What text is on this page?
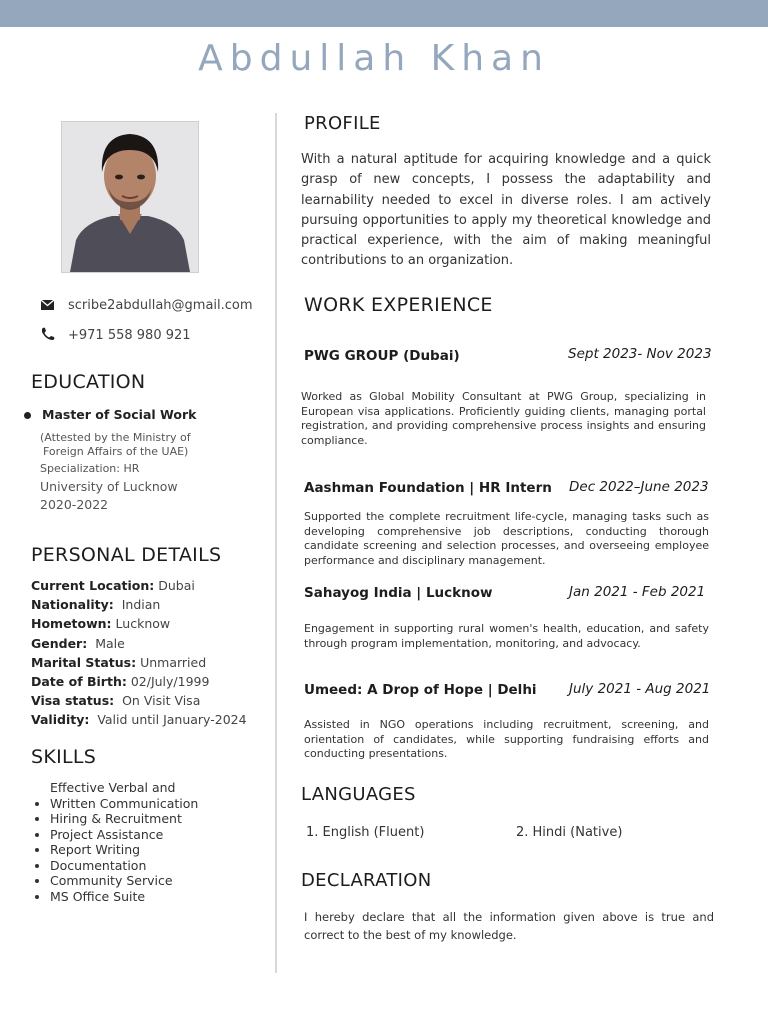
Abdullah Khan
scribe2abdullah@gmail.com
+971 558 980 921
EDUCATION
Master of Social Work
(Attested by the Ministry of
Foreign Affairs of the UAE)
Specialization: HR
University of Lucknow
2020-2022
PERSONAL DETAILS
Current Location: Dubai
Nationality: Indian
Hometown: Lucknow
Gender: Male
Marital Status: Unmarried
Date of Birth: 02/July/1999
Visa status: On Visit Visa
Validity: Valid until January-2024
SKILLS
• Effective Verbal and Written Communication
• Hiring & Recruitment
• Project Assistance
• Report Writing
• Documentation
• Community Service
• MS Office Suite
PROFILE
With a natural aptitude for acquiring knowledge and a quick grasp of new concepts, I possess the adaptability and learnability needed to excel in diverse roles. I am actively pursuing opportunities to apply my theoretical knowledge and practical experience, with the aim of making meaningful contributions to an organization.
WORK EXPERIENCE
PWG GROUP (Dubai)	Sept 2023- Nov 2023
Worked as Global Mobility Consultant at PWG Group, specializing in European visa applications. Proficiently guiding clients, managing portal registration, and providing comprehensive process insights and ensuring compliance.
Aashman Foundation | HR Intern Dec 2022–June 2023
Supported the complete recruitment life-cycle, managing tasks such as developing comprehensive job descriptions, conducting thorough candidate screening and selection processes, and overseeing employee performance and disciplinary management.
Sahayog India | Lucknow	Jan 2021 - Feb 2021
Engagement in supporting rural women's health, education, and safety through program implementation, monitoring, and advocacy.
Umeed: A Drop of Hope | Delhi July 2021 - Aug 2021
Assisted in NGO operations including recruitment, screening, and orientation of candidates, while supporting fundraising efforts and conducting presentations.
LANGUAGES
1. English (Fluent)	2. Hindi (Native)
DECLARATION
I hereby declare that all the information given above is true and correct to the best of my knowledge.
